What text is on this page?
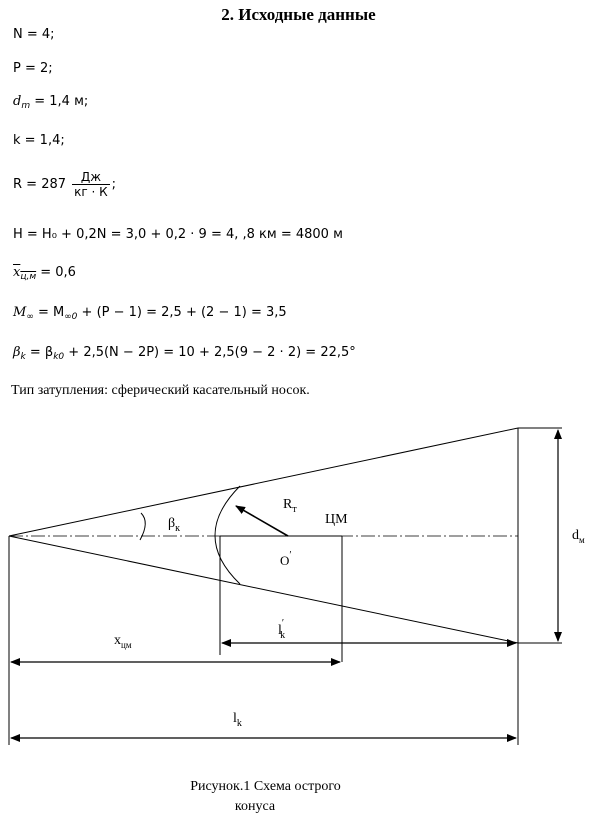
2. Исходные данные
N = 4;
P = 2;
$d_m = 1,4$ м;
k = 1,4;
$R = 287 \frac{Дж}{кг \cdot К}$ ;
H = H₀ + 0,2N = 3,0 + 0,2 · 9 = 4, ,8 км = 4800 м
$x_{ц,м} = 0,6$
$M_\infty = M_{\infty 0} + (P - 1) = 2,5 + (2 - 1) = 3,5$
$\beta_k = \beta_{k0} + 2,5(N - 2P) = 10 + 2,5(9 - 2 \cdot 2) = 22,5^\circ$
Тип затупления: сферический касательный носок.
$\beta_к$
$R_т$
ЦМ
O′
$d_м$
l′ k
$x_{цм}$
$l_k$
Рисунок.1 Схема острого
конуса
